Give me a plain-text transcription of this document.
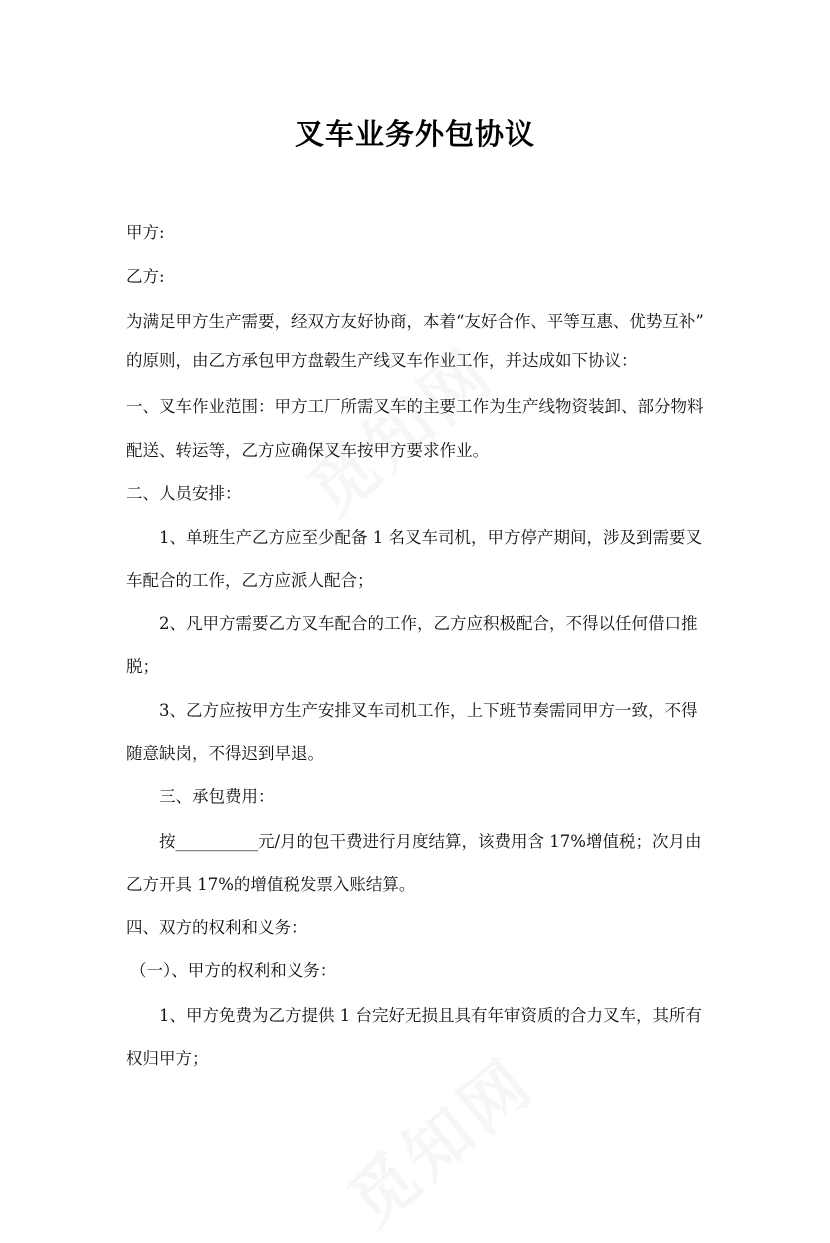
叉车业务外包协议
甲方:
乙方:
为满足甲方生产需要，经双方友好协商，本着“友好合作、平等互惠、优势互补”
的原则，由乙方承包甲方盘毂生产线叉车作业工作，并达成如下协议：
一、叉车作业范围：甲方工厂所需叉车的主要工作为生产线物资装卸、部分物料
配送、转运等，乙方应确保叉车按甲方要求作业。
二、人员安排：
1、单班生产乙方应至少配备 1 名叉车司机，甲方停产期间，涉及到需要叉
车配合的工作，乙方应派人配合；
2、凡甲方需要乙方叉车配合的工作，乙方应积极配合，不得以任何借口推
脱；
3、乙方应按甲方生产安排叉车司机工作，上下班节奏需同甲方一致，不得
随意缺岗，不得迟到早退。
三、承包费用：
按__________元/月的包干费进行月度结算，该费用含 17%增值税；次月由
乙方开具 17%的增值税发票入账结算。
四、双方的权利和义务：
（一）、甲方的权利和义务：
1、甲方免费为乙方提供 1 台完好无损且具有年审资质的合力叉车，其所有
权归甲方；
